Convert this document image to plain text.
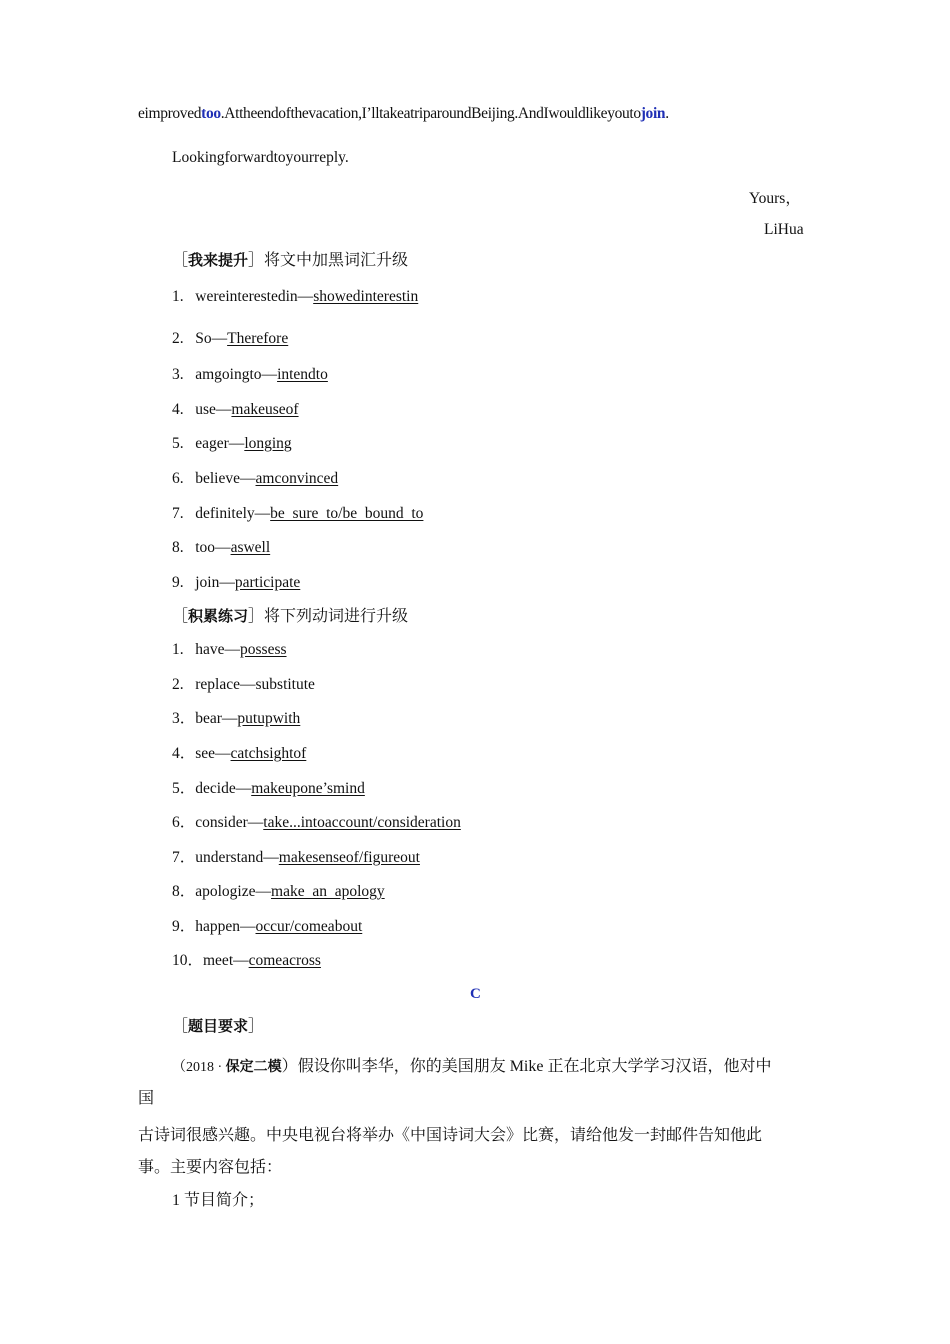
eimprovedtoo.Attheendofthevacation,I’lltakeatriparoundBeijing.AndIwouldlikeyoutojoin.
Lookingforwardtoyourreply.
Yours，
LiHua
［我来提升］将文中加黑词汇升级
1. wereinterestedin—showedinterestin
2. So—Therefore
3. amgoingto—intendto
4. use—makeuseof
5. eager—longing
6. believe—amconvinced
7. definitely—be  sure  to/be  bound  to
8. too—aswell
9. join—participate
［积累练习］将下列动词进行升级
1. have—possess
2. replace—substitute
3．bear—putupwith
4．see—catchsightof
5．decide—makeupone’smind
6．consider—take...intoaccount/consideration
7．understand—makesenseof/figureout
8．apologize—make  an  apology
9．happen—occur/comeabout
10．meet—comeacross
C
［题目要求］
（2018 · 保定二模）假设你叫李华，你的美国朋友 Mike 正在北京大学学习汉语，他对中
国
古诗词很感兴趣。中央电视台将举办《中国诗词大会》比赛，请给他发一封邮件告知他此
事。主要内容包括：
1 节目简介；
